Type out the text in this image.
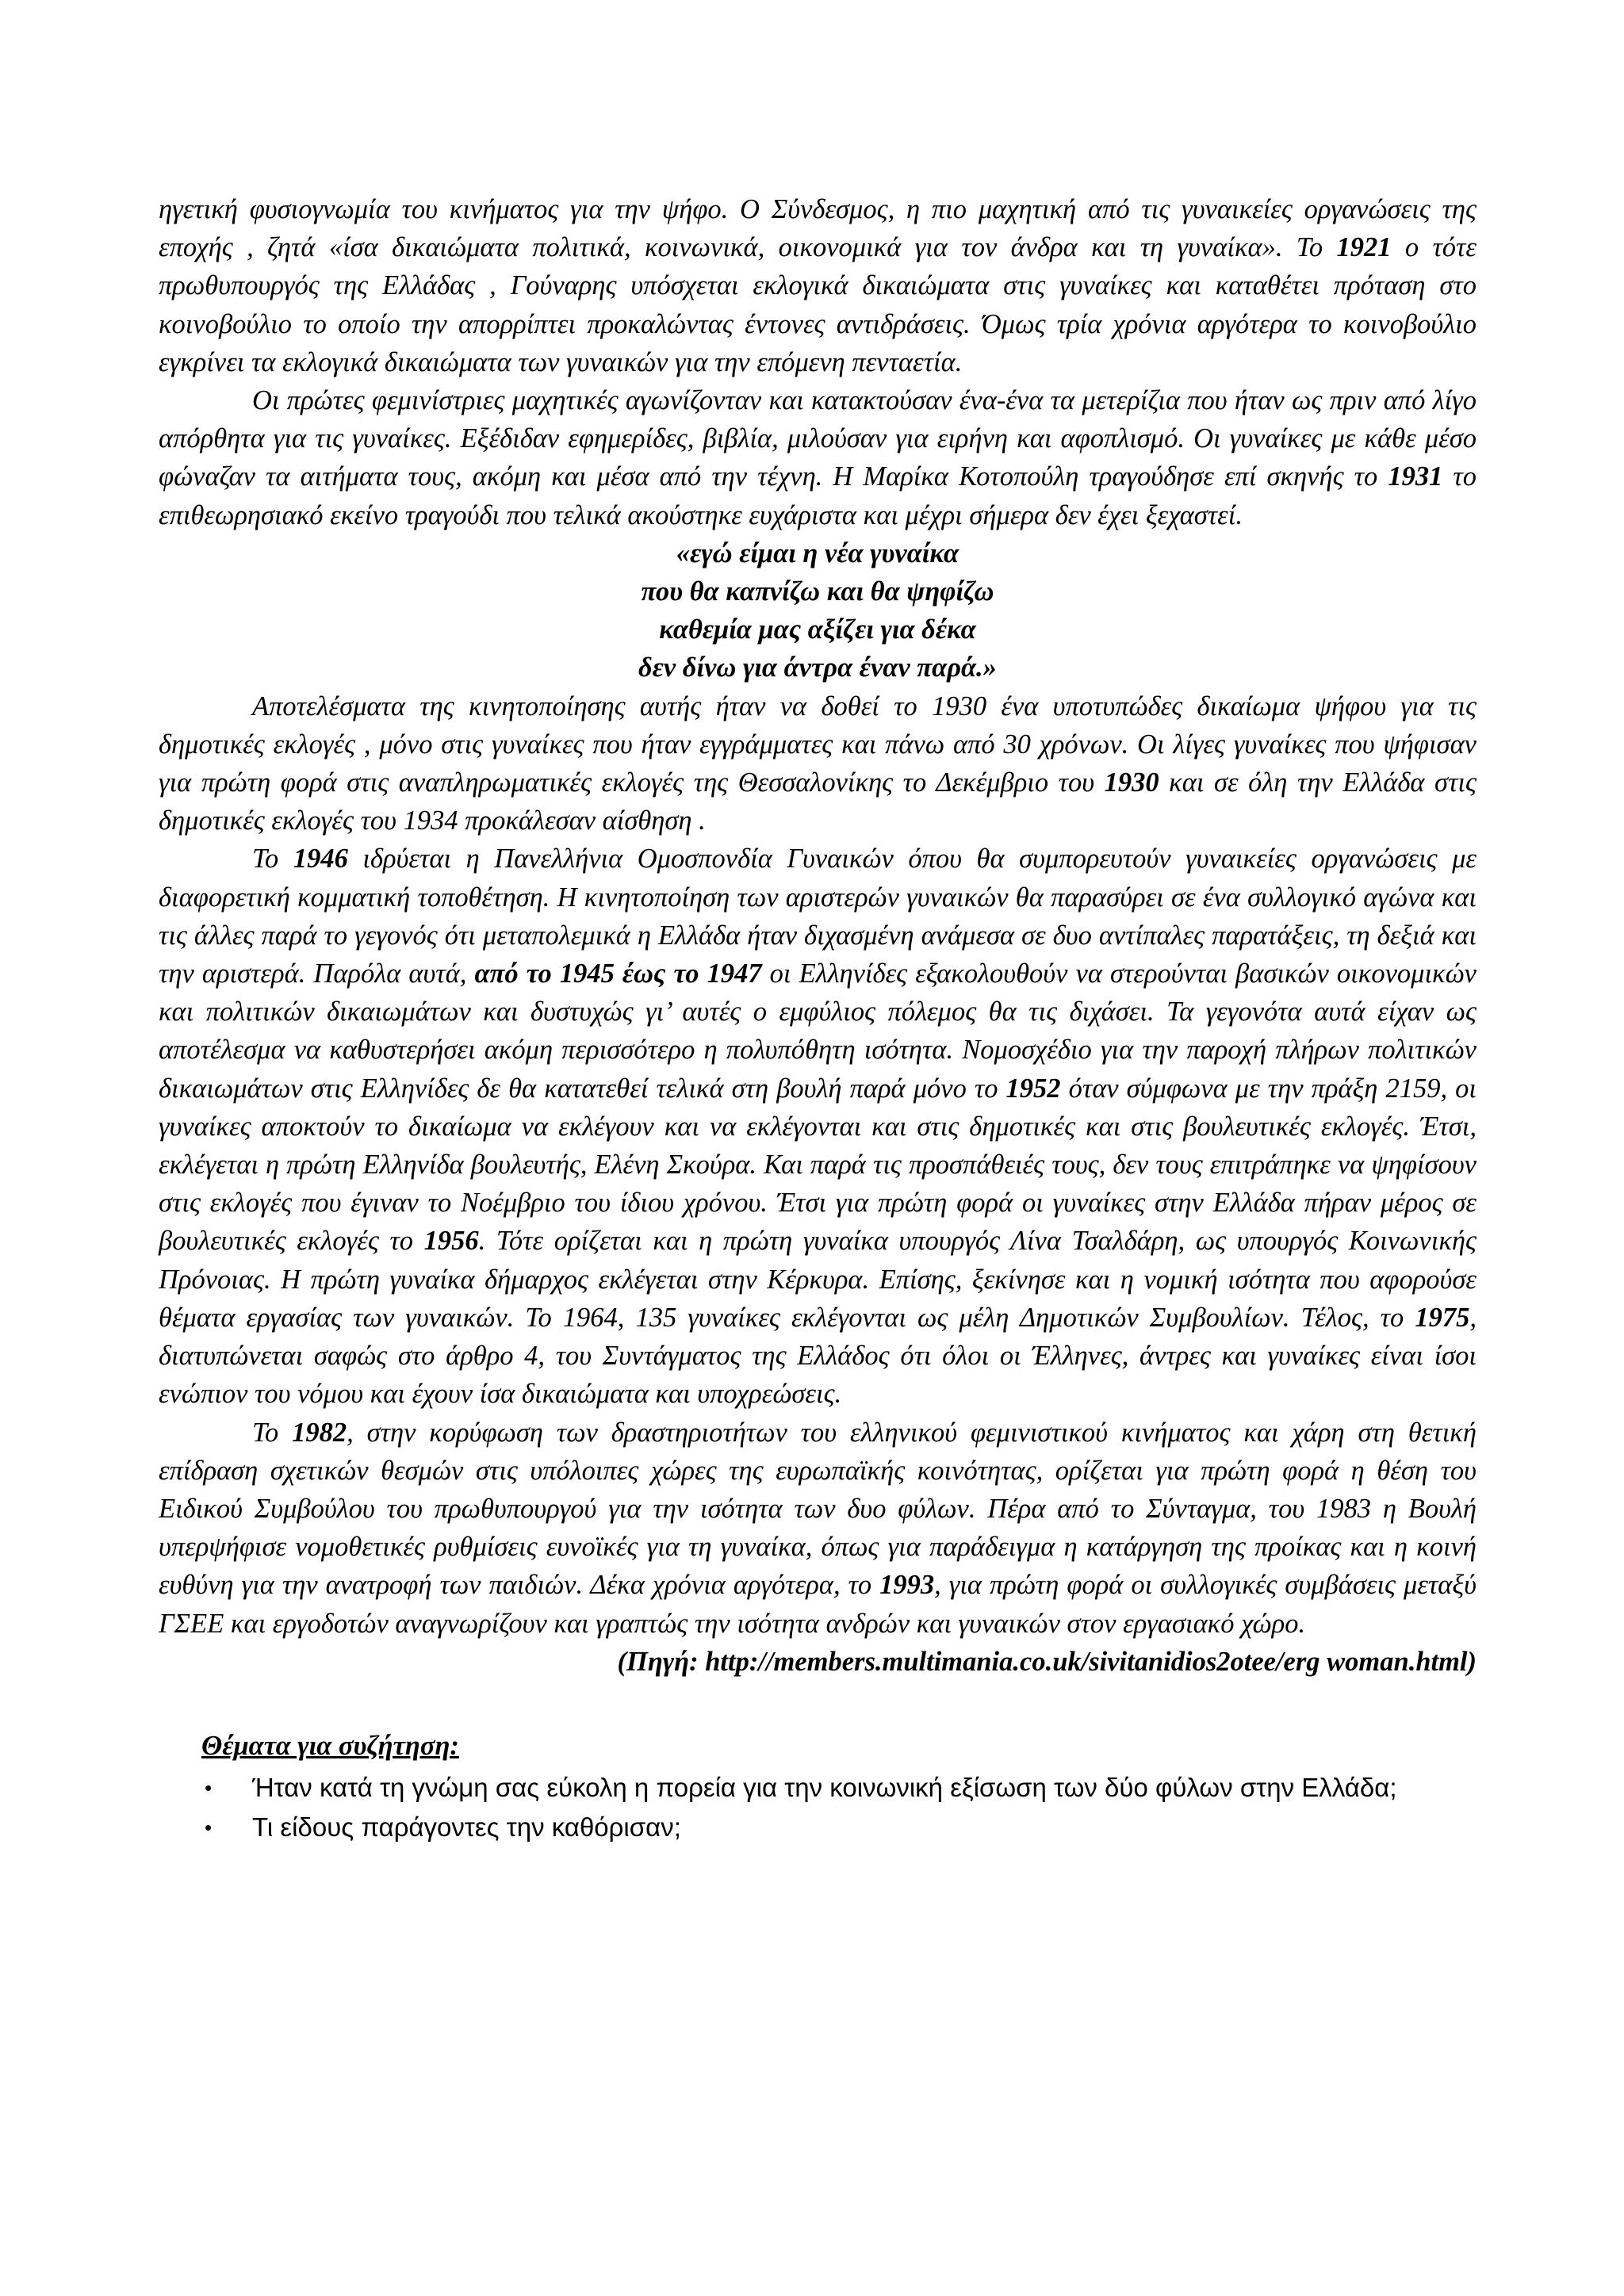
ηγετική φυσιογνωμία του κινήματος για την ψήφο. Ο Σύνδεσμος, η πιο μαχητική από τις γυναικείες οργανώσεις της εποχής , ζητά «ίσα δικαιώματα πολιτικά, κοινωνικά, οικονομικά για τον άνδρα και τη γυναίκα». Το 1921 ο τότε πρωθυπουργός της Ελλάδας , Γούναρης υπόσχεται εκλογικά δικαιώματα στις γυναίκες και καταθέτει πρόταση στο κοινοβούλιο το οποίο την απορρίπτει προκαλώντας έντονες αντιδράσεις. Όμως τρία χρόνια αργότερα το κοινοβούλιο εγκρίνει τα εκλογικά δικαιώματα των γυναικών για την επόμενη πενταετία.

Οι πρώτες φεμινίστριες μαχητικές αγωνίζονταν και κατακτούσαν ένα-ένα τα μετερίζια που ήταν ως πριν από λίγο απόρθητα για τις γυναίκες. Εξέδιδαν εφημερίδες, βιβλία, μιλούσαν για ειρήνη και αφοπλισμό. Οι γυναίκες με κάθε μέσο φώναζαν τα αιτήματα τους, ακόμη και μέσα από την τέχνη. Η Μαρίκα Κοτοπούλη τραγούδησε επί σκηνής το 1931 το επιθεωρησιακό εκείνο τραγούδι που τελικά ακούστηκε ευχάριστα και μέχρι σήμερα δεν έχει ξεχαστεί.

«εγώ είμαι η νέα γυναίκα
που θα καπνίζω και θα ψηφίζω
καθεμία μας αξίζει για δέκα
δεν δίνω για άντρα έναν παρά.»

Αποτελέσματα της κινητοποίησης αυτής ήταν να δοθεί το 1930 ένα υποτυπώδες δικαίωμα ψήφου για τις δημοτικές εκλογές , μόνο στις γυναίκες που ήταν εγγράμματες και πάνω από 30 χρόνων. Οι λίγες γυναίκες που ψήφισαν για πρώτη φορά στις αναπληρωματικές εκλογές της Θεσσαλονίκης το Δεκέμβριο του 1930 και σε όλη την Ελλάδα στις δημοτικές εκλογές του 1934 προκάλεσαν αίσθηση .

Το 1946 ιδρύεται η Πανελλήνια Ομοσπονδία Γυναικών όπου θα συμπορευτούν γυναικείες οργανώσεις με διαφορετική κομματική τοποθέτηση. Η κινητοποίηση των αριστερών γυναικών θα παρασύρει σε ένα συλλογικό αγώνα και τις άλλες παρά το γεγονός ότι μεταπολεμικά η Ελλάδα ήταν διχασμένη ανάμεσα σε δυο αντίπαλες παρατάξεις, τη δεξιά και την αριστερά. Παρόλα αυτά, από το 1945 έως το 1947 οι Ελληνίδες εξακολουθούν να στερούνται βασικών οικονομικών και πολιτικών δικαιωμάτων και δυστυχώς γι’ αυτές ο εμφύλιος πόλεμος θα τις διχάσει. Τα γεγονότα αυτά είχαν ως αποτέλεσμα να καθυστερήσει ακόμη περισσότερο η πολυπόθητη ισότητα. Νομοσχέδιο για την παροχή πλήρων πολιτικών δικαιωμάτων στις Ελληνίδες δε θα κατατεθεί τελικά στη βουλή παρά μόνο το 1952 όταν σύμφωνα με την πράξη 2159, οι γυναίκες αποκτούν το δικαίωμα να εκλέγουν και να εκλέγονται και στις δημοτικές και στις βουλευτικές εκλογές. Έτσι, εκλέγεται η πρώτη Ελληνίδα βουλευτής, Ελένη Σκούρα. Και παρά τις προσπάθειές τους, δεν τους επιτράπηκε να ψηφίσουν στις εκλογές που έγιναν το Νοέμβριο του ίδιου χρόνου. Έτσι για πρώτη φορά οι γυναίκες στην Ελλάδα πήραν μέρος σε βουλευτικές εκλογές το 1956. Τότε ορίζεται και η πρώτη γυναίκα υπουργός Λίνα Τσαλδάρη, ως υπουργός Κοινωνικής Πρόνοιας. Η πρώτη γυναίκα δήμαρχος εκλέγεται στην Κέρκυρα. Επίσης, ξεκίνησε και η νομική ισότητα που αφορούσε θέματα εργασίας των γυναικών. Το 1964, 135 γυναίκες εκλέγονται ως μέλη Δημοτικών Συμβουλίων. Τέλος, το 1975, διατυπώνεται σαφώς στο άρθρο 4, του Συντάγματος της Ελλάδος ότι όλοι οι Έλληνες, άντρες και γυναίκες είναι ίσοι ενώπιον του νόμου και έχουν ίσα δικαιώματα και υποχρεώσεις.

Το 1982, στην κορύφωση των δραστηριοτήτων του ελληνικού φεμινιστικού κινήματος και χάρη στη θετική επίδραση σχετικών θεσμών στις υπόλοιπες χώρες της ευρωπαϊκής κοινότητας, ορίζεται για πρώτη φορά η θέση του Ειδικού Συμβούλου του πρωθυπουργού για την ισότητα των δυο φύλων. Πέρα από το Σύνταγμα, του 1983 η Βουλή υπερψήφισε νομοθετικές ρυθμίσεις ευνοϊκές για τη γυναίκα, όπως για παράδειγμα η κατάργηση της προίκας και η κοινή ευθύνη για την ανατροφή των παιδιών. Δέκα χρόνια αργότερα, το 1993, για πρώτη φορά οι συλλογικές συμβάσεις μεταξύ ΓΣΕΕ και εργοδοτών αναγνωρίζουν και γραπτώς την ισότητα ανδρών και γυναικών στον εργασιακό χώρο.

(Πηγή: http://members.multimania.co.uk/sivitanidios2otee/erg woman.html)

Θέματα για συζήτηση:
• Ήταν κατά τη γνώμη σας εύκολη η πορεία για την κοινωνική εξίσωση των δύο φύλων στην Ελλάδα;
• Τι είδους παράγοντες την καθόρισαν;
